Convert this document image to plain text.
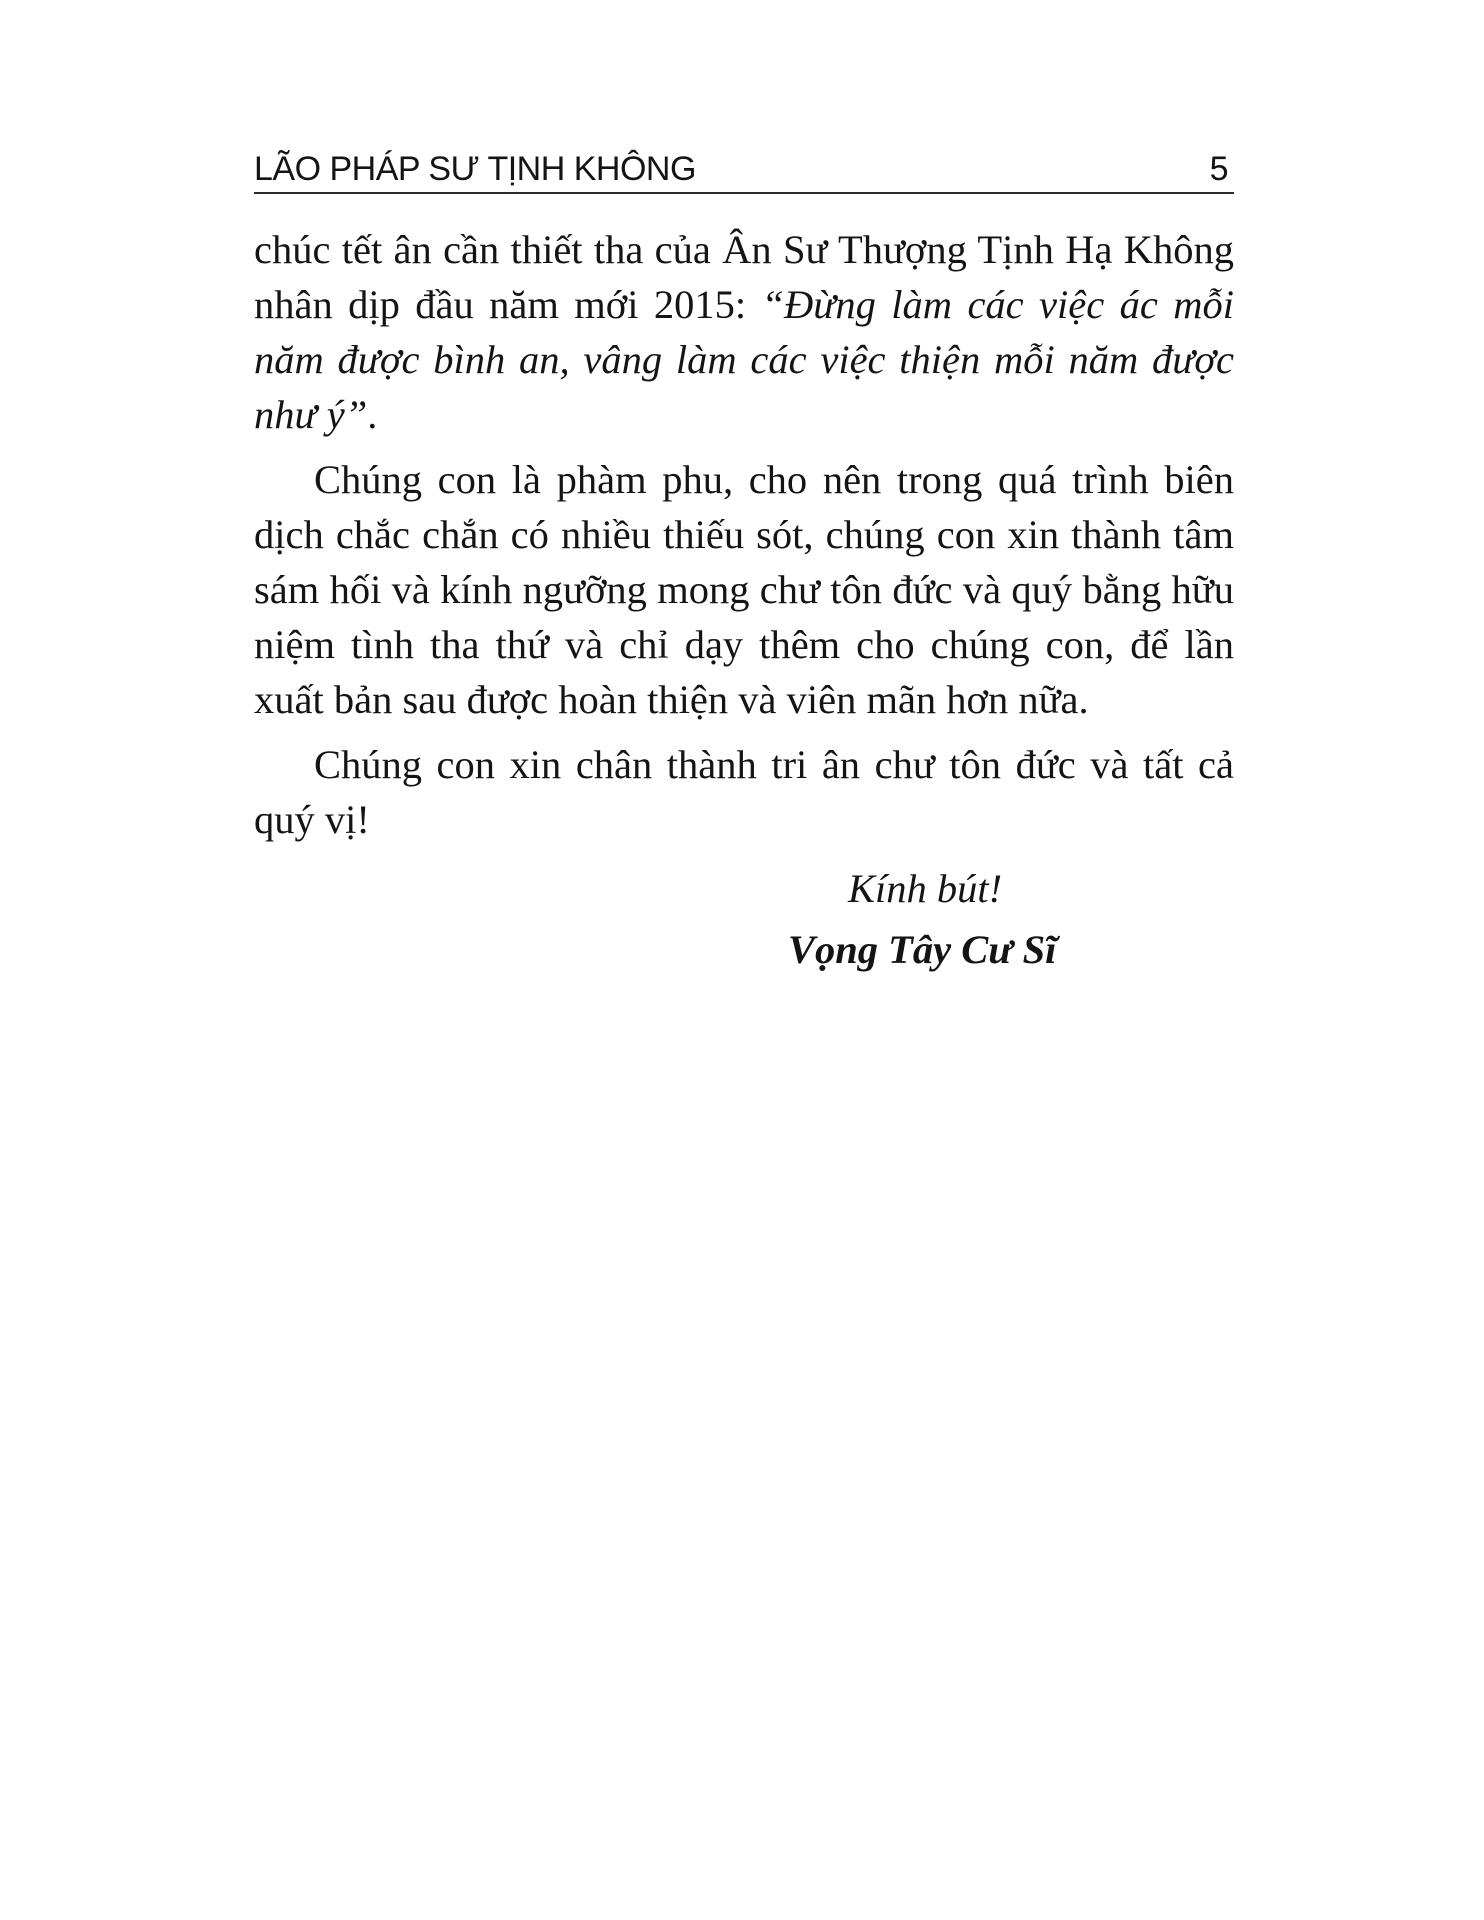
LÃO PHÁP SƯ TỊNH KHÔNG	5

chúc tết ân cần thiết tha của Ân Sư Thượng Tịnh Hạ Không nhân dịp đầu năm mới 2015: “Đừng làm các việc ác mỗi năm được bình an, vâng làm các việc thiện mỗi năm được như ý”.

Chúng con là phàm phu, cho nên trong quá trình biên dịch chắc chắn có nhiều thiếu sót, chúng con xin thành tâm sám hối và kính ngưỡng mong chư tôn đức và quý bằng hữu niệm tình tha thứ và chỉ dạy thêm cho chúng con, để lần xuất bản sau được hoàn thiện và viên mãn hơn nữa.

Chúng con xin chân thành tri ân chư tôn đức và tất cả quý vị!

Kính bút!
Vọng Tây Cư Sĩ
